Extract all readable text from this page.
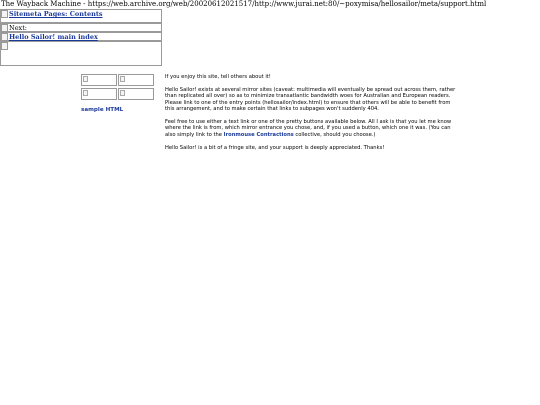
The Wayback Machine - https://web.archive.org/web/20020612021517/http://www.jurai.net:80/~poxymisa/hellosailor/meta/support.html
Sitemeta Pages: Contents
Next:
Hello Sailor! main index
sample HTML

If you enjoy this site, tell others about it!

Hello Sailor! exists at several mirror sites (caveat: multimedia will eventually be spread out across them, rather than replicated all over) so as to minimize transatlantic bandwidth woes for Australian and European readers. Please link to one of the entry points (hellosailor/index.html) to ensure that others will be able to benefit from this arrangement, and to make certain that links to subpages won't suddenly 404.

Feel free to use either a text link or one of the pretty buttons available below. All I ask is that you let me know where the link is from, which mirror entrance you chose, and, if you used a button, which one it was. (You can also simply link to the Ironmouse Contractions collective, should you choose.)

Hello Sailor! is a bit of a fringe site, and your support is deeply appreciated. Thanks!
